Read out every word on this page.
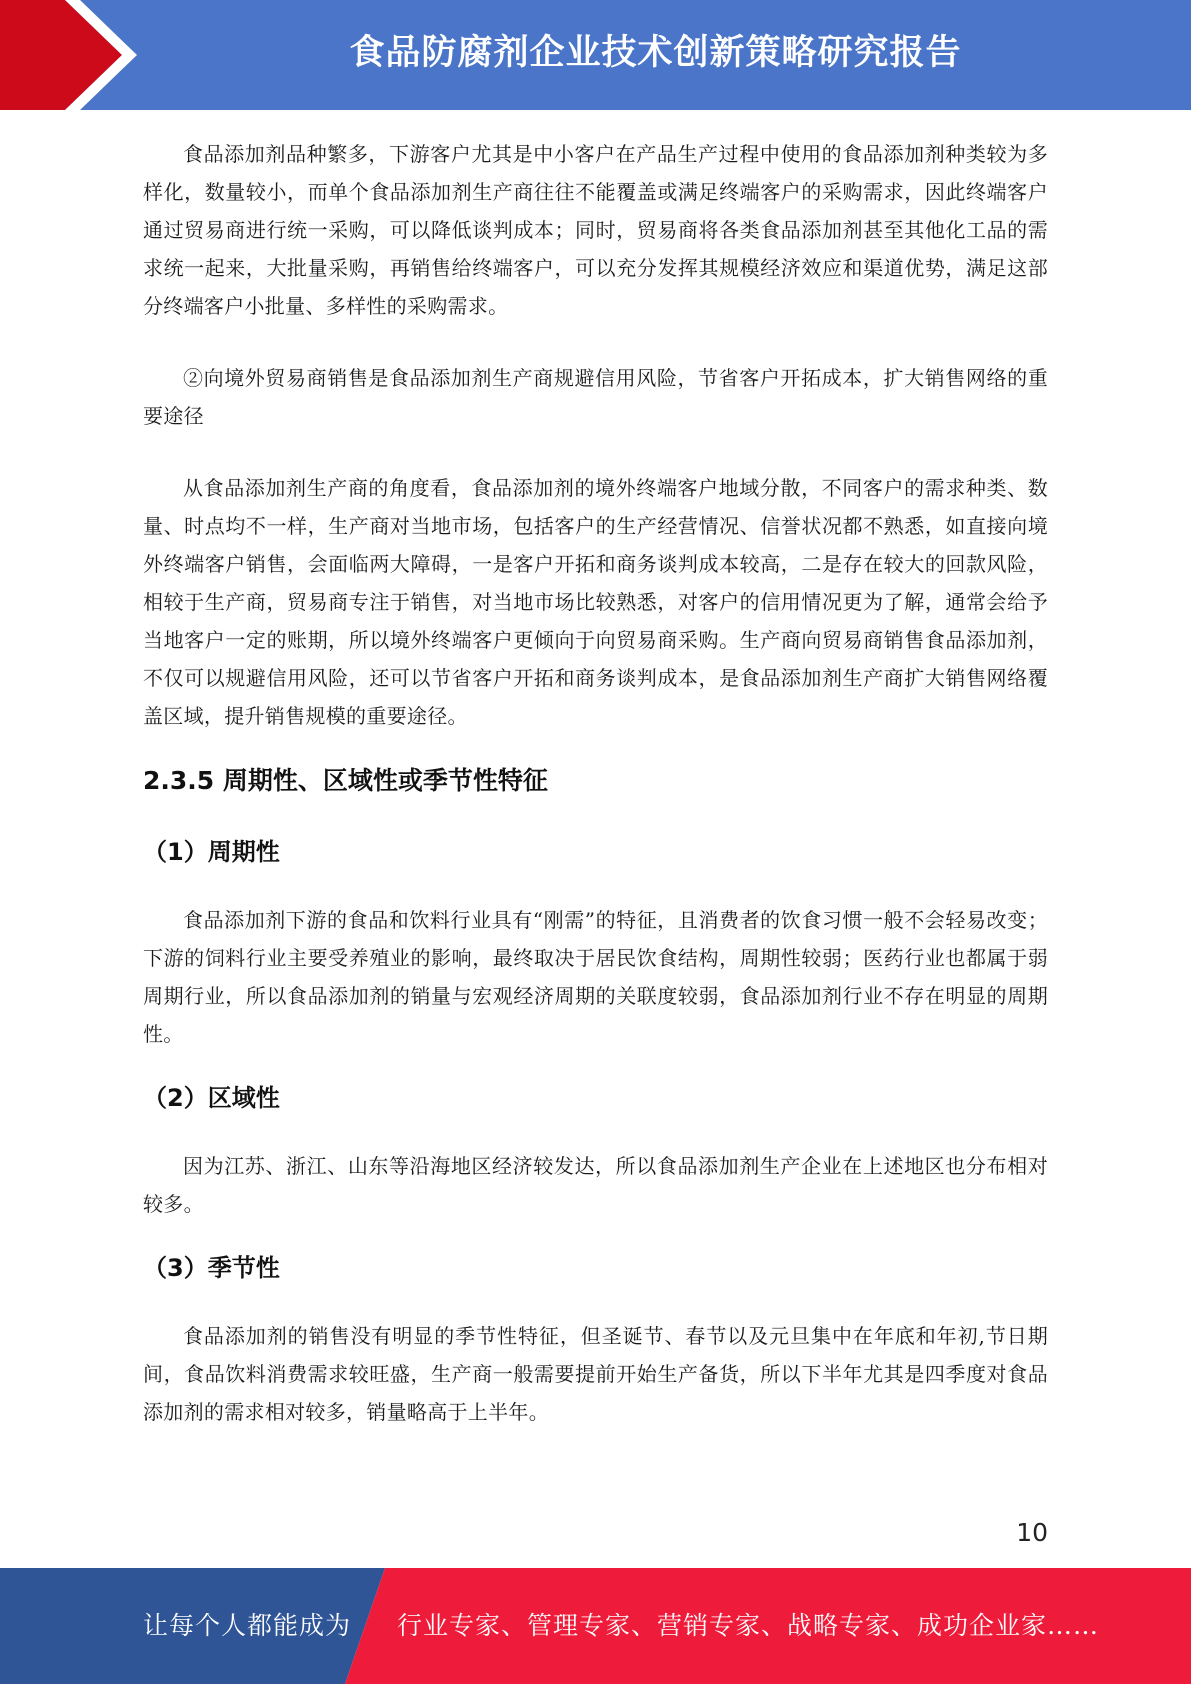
食品防腐剂企业技术创新策略研究报告

食品添加剂品种繁多，下游客户尤其是中小客户在产品生产过程中使用的食品添加剂种类较为多样化，数量较小，而单个食品添加剂生产商往往不能覆盖或满足终端客户的采购需求，因此终端客户通过贸易商进行统一采购，可以降低谈判成本；同时，贸易商将各类食品添加剂甚至其他化工品的需求统一起来，大批量采购，再销售给终端客户，可以充分发挥其规模经济效应和渠道优势，满足这部分终端客户小批量、多样性的采购需求。

②向境外贸易商销售是食品添加剂生产商规避信用风险，节省客户开拓成本，扩大销售网络的重要途径

从食品添加剂生产商的角度看，食品添加剂的境外终端客户地域分散，不同客户的需求种类、数量、时点均不一样，生产商对当地市场，包括客户的生产经营情况、信誉状况都不熟悉，如直接向境外终端客户销售，会面临两大障碍，一是客户开拓和商务谈判成本较高，二是存在较大的回款风险，相较于生产商，贸易商专注于销售，对当地市场比较熟悉，对客户的信用情况更为了解，通常会给予当地客户一定的账期，所以境外终端客户更倾向于向贸易商采购。生产商向贸易商销售食品添加剂，不仅可以规避信用风险，还可以节省客户开拓和商务谈判成本，是食品添加剂生产商扩大销售网络覆盖区域，提升销售规模的重要途径。

2.3.5 周期性、区域性或季节性特征
（1）周期性

食品添加剂下游的食品和饮料行业具有“刚需”的特征，且消费者的饮食习惯一般不会轻易改变；下游的饲料行业主要受养殖业的影响，最终取决于居民饮食结构，周期性较弱；医药行业也都属于弱周期行业，所以食品添加剂的销量与宏观经济周期的关联度较弱，食品添加剂行业不存在明显的周期性。

（2）区域性

因为江苏、浙江、山东等沿海地区经济较发达，所以食品添加剂生产企业在上述地区也分布相对较多。

（3）季节性

食品添加剂的销售没有明显的季节性特征，但圣诞节、春节以及元旦集中在年底和年初,节日期间，食品饮料消费需求较旺盛，生产商一般需要提前开始生产备货，所以下半年尤其是四季度对食品添加剂的需求相对较多，销量略高于上半年。

10
让每个人都能成为 行业专家、管理专家、营销专家、战略专家、成功企业家……
